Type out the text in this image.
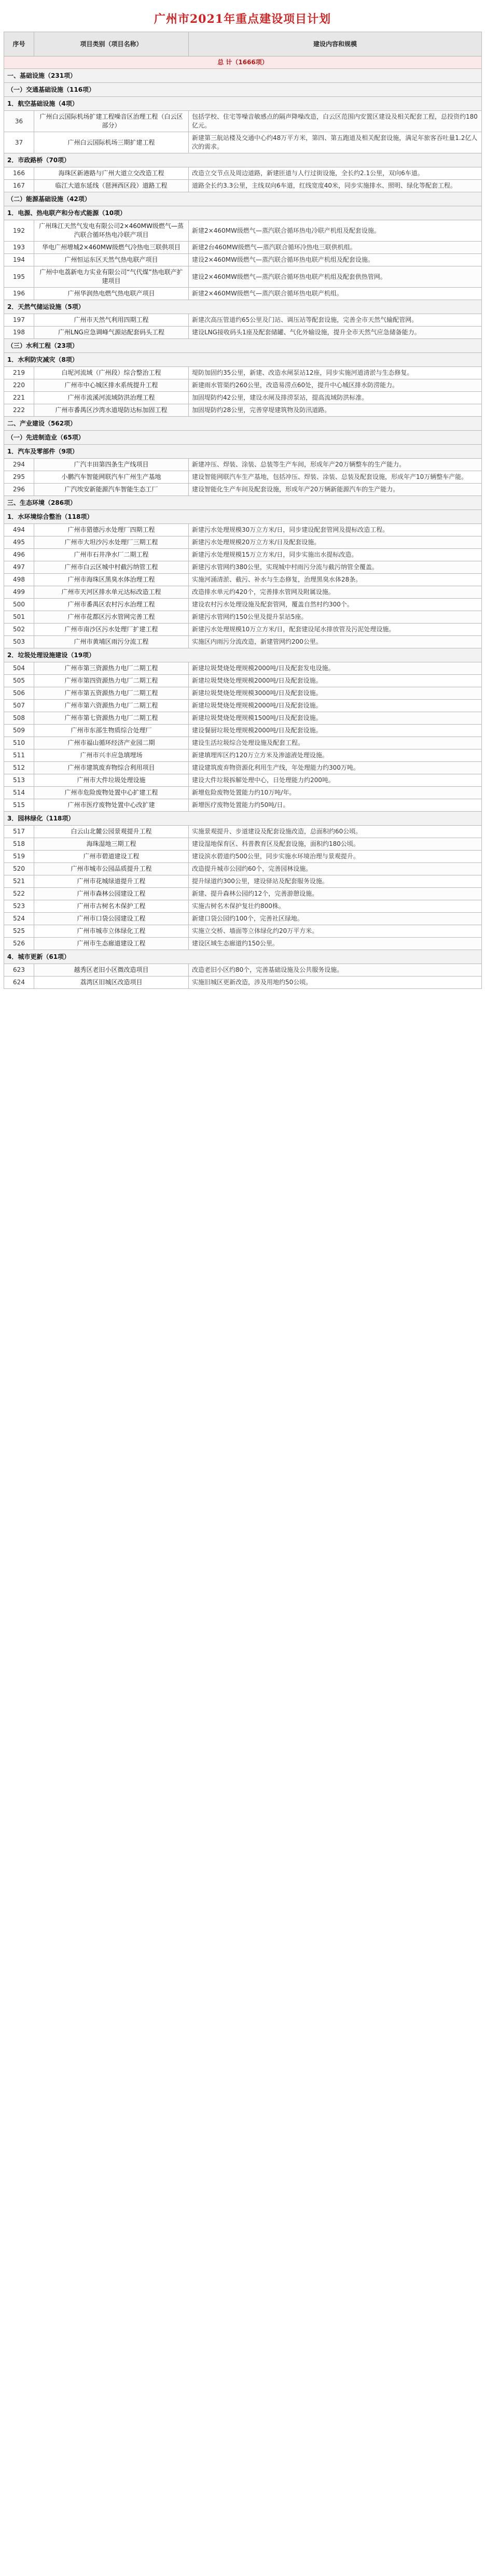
广州市2021年重点建设项目计划
序号	项目类别（项目名称）	建设内容和规模
总 计（1666项）		
一、基础设施（231项）		
（一）交通基础设施（116项）		
1．航空基础设施（4项）		
36	广州白云国际机场扩建工程噪音区治理工程（白云区部分）	包括学校、住宅等噪音敏感点的隔声降噪改造，白云区范围内安置区建设及相关配套工程，总投资约180亿元。
37	广州白云国际机场三期扩建工程	新建第三航站楼及交通中心约48万平方米，第四、第五跑道及相关配套设施，满足年旅客吞吐量1.2亿人次的需求。
2．市政路桥（70项）		
166	海珠区新港路与广州大道立交改造工程	改造立交节点及周边道路，新建匝道与人行过街设施，全长约2.1公里，双向6车道。
167	临江大道东延线（琶洲西区段）道路工程	道路全长约3.3公里，主线双向6车道，红线宽度40米，同步实施排水、照明、绿化等配套工程。
（二）能源基础设施（42项）		
1．电源、热电联产和分布式能源（10项）		
192	广州珠江天然气发电有限公司2×460MW级燃气—蒸汽联合循环热电冷联产项目	新建2×460MW级燃气—蒸汽联合循环热电冷联产机组及配套设施。
193	华电广州增城2×460MW级燃气冷热电三联供项目	新建2台460MW级燃气—蒸汽联合循环冷热电三联供机组。
194	广州恒运东区天然气热电联产项目	建设2×460MW级燃气—蒸汽联合循环热电联产机组及配套设施。
195	广州中电荔新电力实业有限公司“气代煤”热电联产扩建项目	建设2×460MW级燃气—蒸汽联合循环热电联产机组及配套供热管网。
196	广州华润热电燃气热电联产项目	新建2×460MW级燃气—蒸汽联合循环热电联产机组。
2．天然气储运设施（5项）		
197	广州市天然气利用四期工程	新建次高压管道约65公里及门站、调压站等配套设施，完善全市天然气输配管网。
198	广州LNG应急调峰气源站配套码头工程	建设LNG接收码头1座及配套储罐、气化外输设施，提升全市天然气应急储备能力。
（三）水利工程（23项）		
1．水利防灾减灾（8项）		
219	白坭河流域（广州段）综合整治工程	堤防加固约35公里，新建、改造水闸泵站12座，同步实施河道清淤与生态修复。
220	广州市中心城区排水系统提升工程	新建雨水管渠约260公里，改造易涝点60处，提升中心城区排水防涝能力。
221	广州市流溪河流域防洪治理工程	加固堤防约42公里，建设水闸及排涝泵站，提高流域防洪标准。
222	广州市番禺区沙湾水道堤防达标加固工程	加固堤防约28公里，完善穿堤建筑物及防汛道路。
二、产业建设（562项）		
（一）先进制造业（65项）		
1．汽车及零部件（9项）		
294	广汽丰田第四条生产线项目	新建冲压、焊装、涂装、总装等生产车间，形成年产20万辆整车的生产能力。
295	小鹏汽车智能网联汽车广州生产基地	建设智能网联汽车生产基地，包括冲压、焊装、涂装、总装及配套设施，形成年产10万辆整车产能。
296	广汽埃安新能源汽车智能生态工厂	建设智能化生产车间及配套设施，形成年产20万辆新能源汽车的生产能力。
三、生态环境（286项）		
1．水环境综合整治（118项）		
494	广州市猎德污水处理厂四期工程	新建污水处理规模30万立方米/日，同步建设配套管网及提标改造工程。
495	广州市大坦沙污水处理厂三期工程	新建污水处理规模20万立方米/日及配套设施。
496	广州市石井净水厂二期工程	新建污水处理规模15万立方米/日，同步实施出水提标改造。
497	广州市白云区城中村截污纳管工程	新建污水管网约380公里，实现城中村雨污分流与截污纳管全覆盖。
498	广州市海珠区黑臭水体治理工程	实施河涌清淤、截污、补水与生态修复，治理黑臭水体28条。
499	广州市天河区排水单元达标改造工程	改造排水单元约420个，完善排水管网及附属设施。
500	广州市番禺区农村污水治理工程	建设农村污水处理设施及配套管网，覆盖自然村约300个。
501	广州市花都区污水管网完善工程	新建污水管网约150公里及提升泵站5座。
502	广州市南沙区污水处理厂扩建工程	新建污水处理规模10万立方米/日，配套建设尾水排放管及污泥处理设施。
503	广州市黄埔区雨污分流工程	实施区内雨污分流改造，新建管网约200公里。
2．垃圾处理设施建设（19项）		
504	广州市第三资源热力电厂二期工程	新建垃圾焚烧处理规模2000吨/日及配套发电设施。
505	广州市第四资源热力电厂二期工程	新建垃圾焚烧处理规模2000吨/日及配套设施。
506	广州市第五资源热力电厂二期工程	新建垃圾焚烧处理规模3000吨/日及配套设施。
507	广州市第六资源热力电厂二期工程	新建垃圾焚烧处理规模2000吨/日及配套设施。
508	广州市第七资源热力电厂二期工程	新建垃圾焚烧处理规模1500吨/日及配套设施。
509	广州市东部生物质综合处理厂	建设餐厨垃圾处理规模2000吨/日及配套设施。
510	广州市福山循环经济产业园二期	建设生活垃圾综合处理设施及配套工程。
511	广州市兴丰应急填埋场	新建填埋库区约120万立方米及渗滤液处理设施。
512	广州市建筑废弃物综合利用项目	建设建筑废弃物资源化利用生产线，年处理能力约300万吨。
513	广州市大件垃圾处理设施	建设大件垃圾拆解处理中心，日处理能力约200吨。
514	广州市危险废物处置中心扩建工程	新增危险废物处置能力约10万吨/年。
515	广州市医疗废物处置中心改扩建	新增医疗废物处置能力约50吨/日。
3．园林绿化（118项）		
517	白云山北麓公园景观提升工程	实施景观提升、步道建设及配套设施改造，总面积约60公顷。
518	海珠湿地三期工程	建设湿地保育区、科普教育区及配套设施，面积约180公顷。
519	广州市碧道建设工程	建设滨水碧道约500公里，同步实施水环境治理与景观提升。
520	广州市城市公园品质提升工程	改造提升城市公园约60个，完善园林设施。
521	广州市花城绿道提升工程	提升绿道约300公里，建设驿站及配套服务设施。
522	广州市森林公园建设工程	新建、提升森林公园约12个，完善游憩设施。
523	广州市古树名木保护工程	实施古树名木保护复壮约800株。
524	广州市口袋公园建设工程	新建口袋公园约100个，完善社区绿地。
525	广州市城市立体绿化工程	实施立交桥、墙面等立体绿化约20万平方米。
526	广州市生态廊道建设工程	建设区域生态廊道约150公里。
4．城市更新（61项）		
623	越秀区老旧小区微改造项目	改造老旧小区约80个，完善基础设施及公共服务设施。
624	荔湾区旧城区改造项目	实施旧城区更新改造，涉及用地约50公顷。
